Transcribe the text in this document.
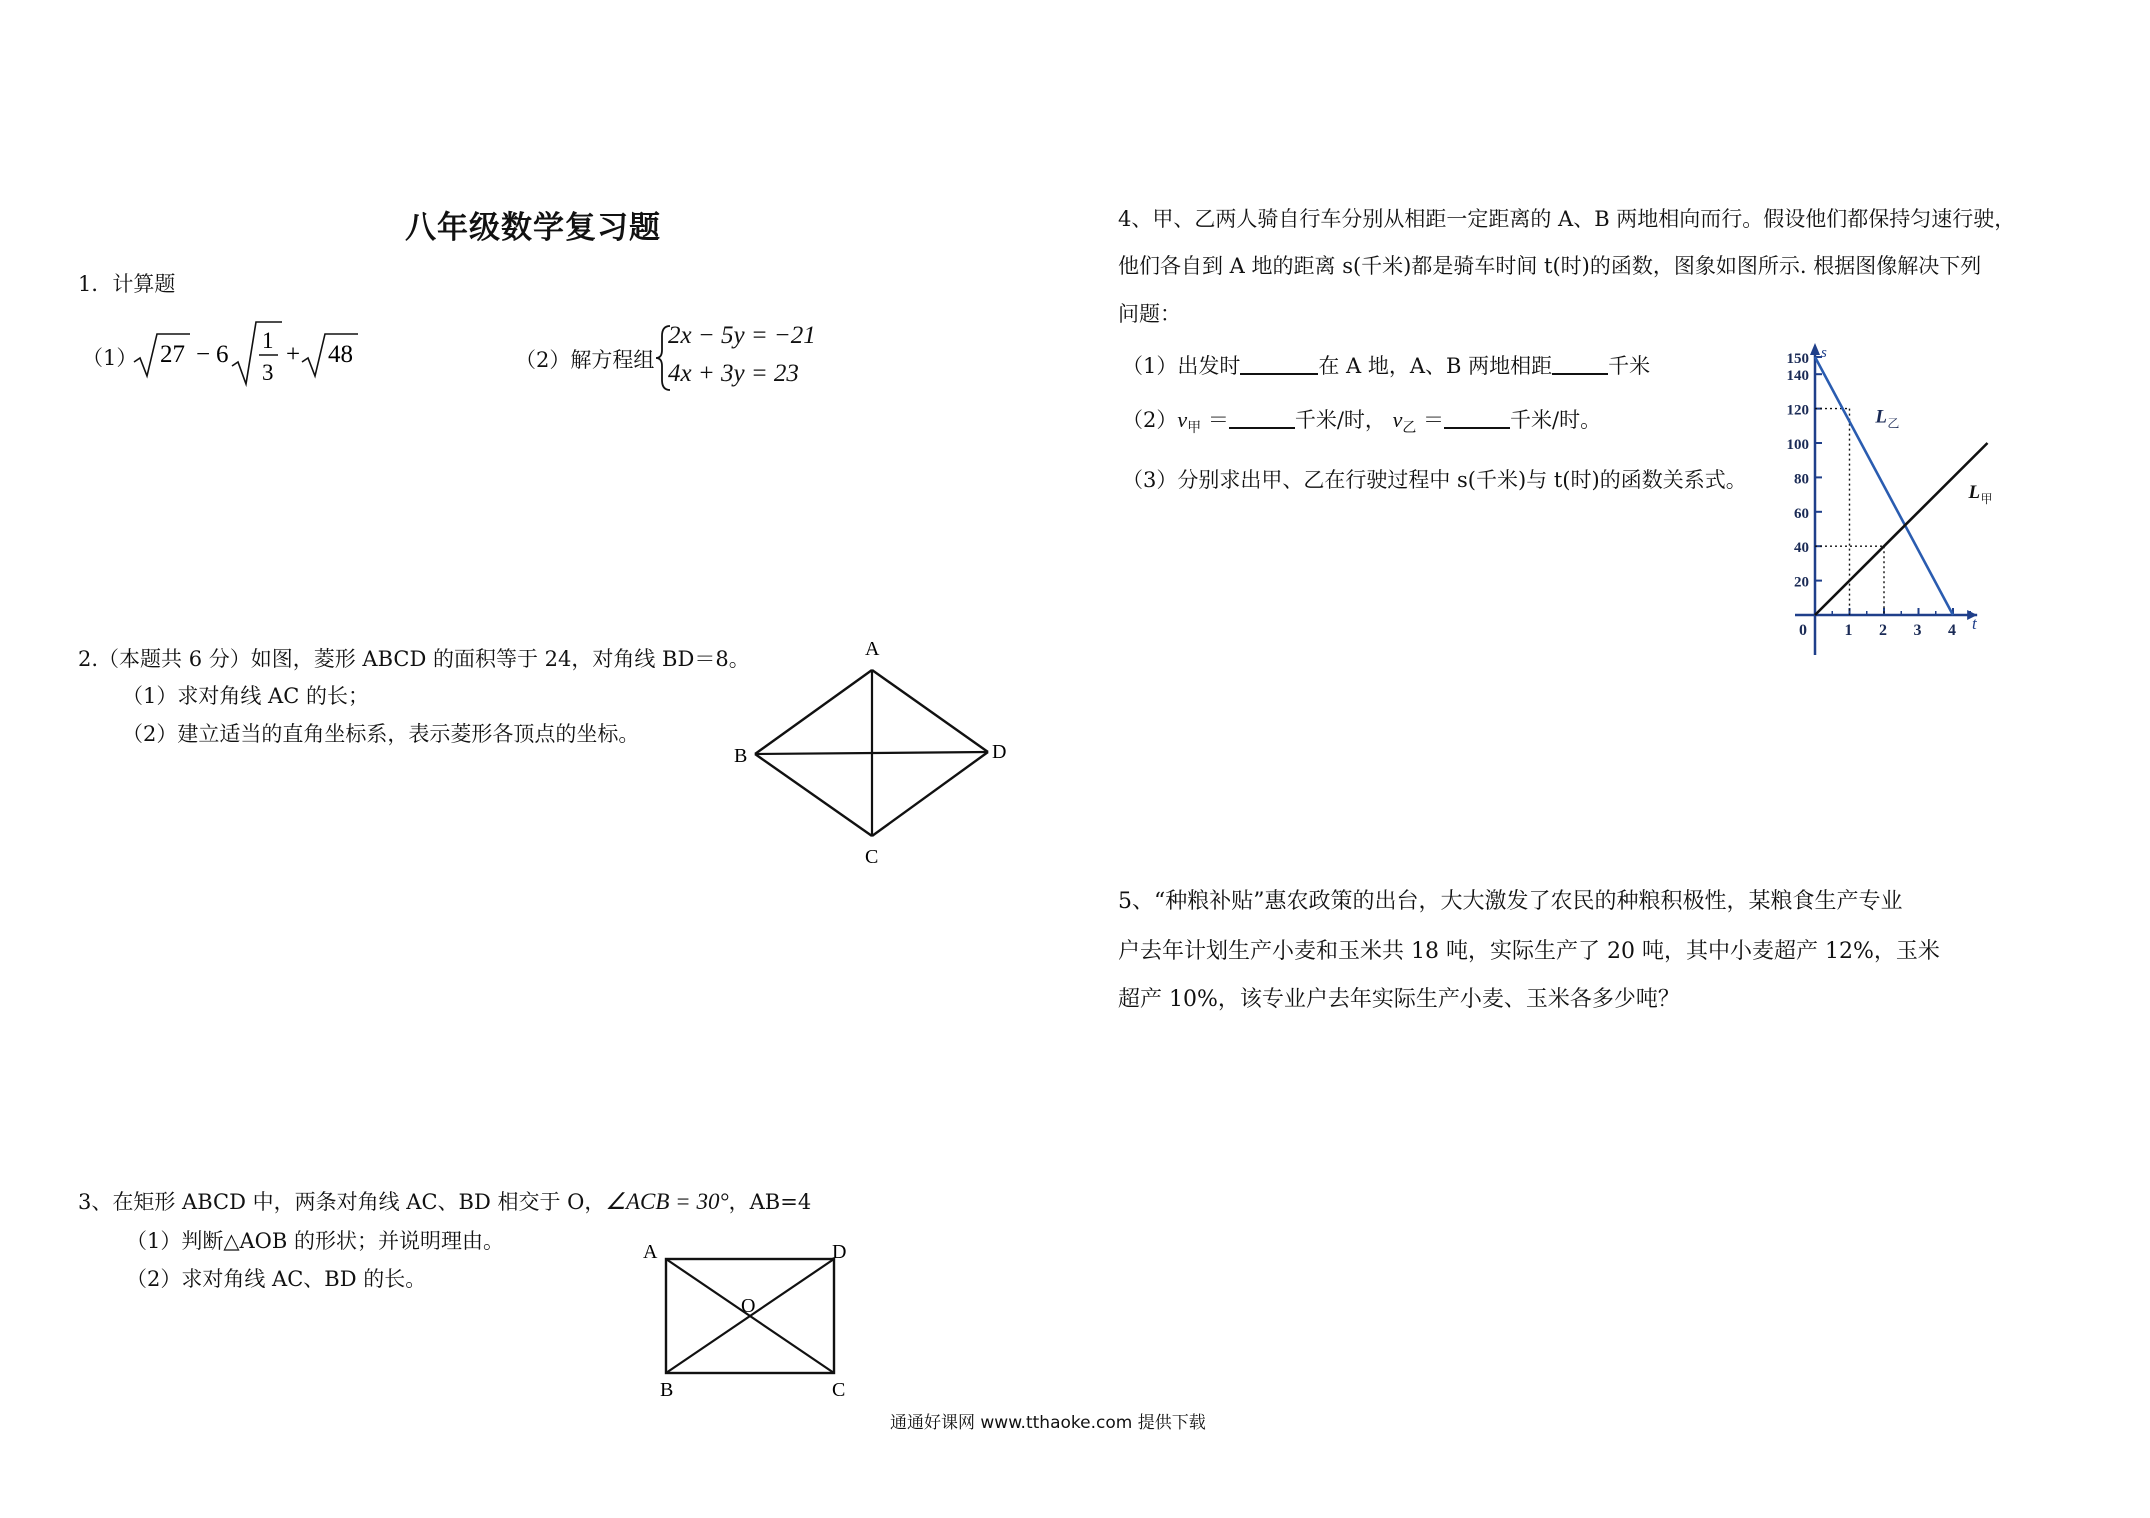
八年级数学复习题
1．计算题
（1） 27 − 6
1
3
+ 48	（2）解方程组
2x − 5y = −21
4x + 3y = 23
2.（本题共 6 分）如图，菱形 ABCD 的面积等于 24，对角线 BD＝8。
（1）求对角线 AC 的长；
（2）建立适当的直角坐标系，表示菱形各顶点的坐标。
A
B
C
D
3、在矩形 ABCD 中，两条对角线 AC、BD 相交于 O，∠ACB = 30°，AB=4
（1）判断△AOB 的形状；并说明理由。
（2）求对角线 AC、BD 的长。
A
B	C
D
O
4、甲、乙两人骑自行车分别从相距一定距离的 A、B 两地相向而行。假设他们都保持匀速行驶，
他们各自到 A 地的距离 s(千米)都是骑车时间 t(时)的函数，图象如图所示. 根据图像解决下列
问题：
（1）出发时	在 A 地，A、B 两地相距	千米
$(2)v_甲$ ＝	千米/时， $v_乙$ ＝	千米/时。
（3）分别求出甲、乙在行驶过程中 s(千米)与 t(时)的函数关系式。
20
40
60
80
100
120
140
150
0 1 2 3 4
s
t
L 乙
L 甲
5、“种粮补贴”惠农政策的出台，大大激发了农民的种粮积极性，某粮食生产专业
户去年计划生产小麦和玉米共 18 吨，实际生产了 20 吨，其中小麦超产 12%，玉米
超产 10%，该专业户去年实际生产小麦、玉米各多少吨？
通通好课网 www.tthaoke.com 提供下载
